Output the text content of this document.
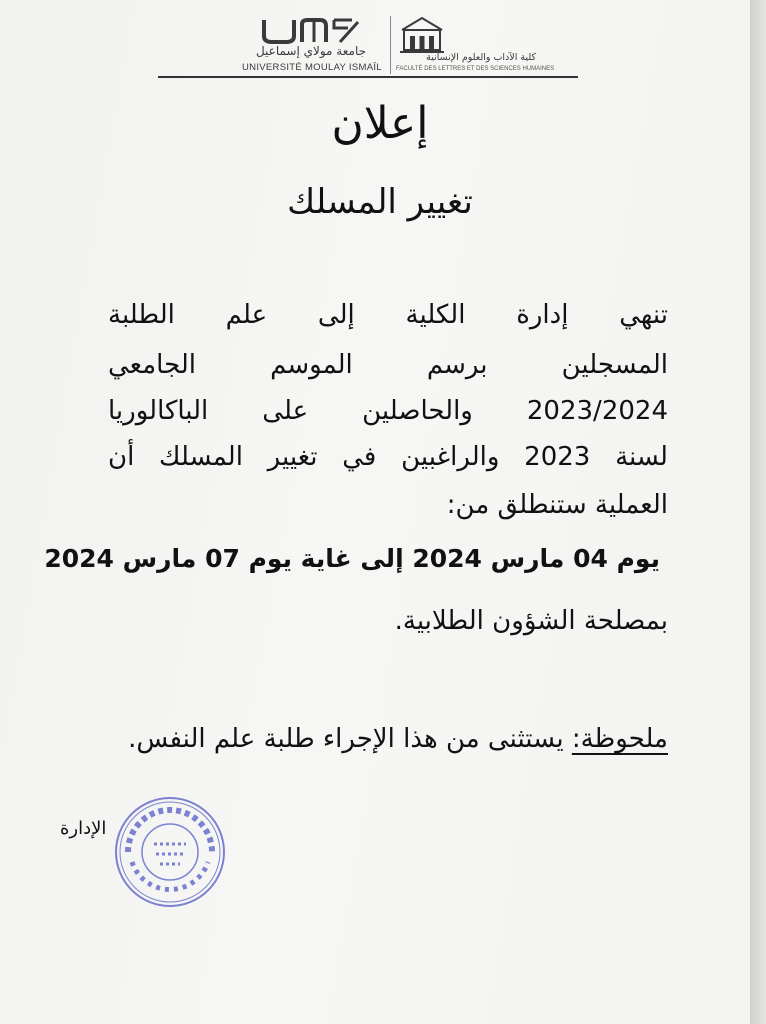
جامعة مولاي إسماعيل
UNIVERSITÉ MOULAY ISMAÏL
كلية الآداب والعلوم الإنسانية
FACULTÉ DES LETTRES ET DES SCIENCES HUMAINES
إعلان
تغيير المسلك
تنهي إدارة الكلية إلى علم الطلبة
المسجلين برسم الموسم الجامعي
2023/2024 والحاصلين على الباكالوريا
لسنة 2023 والراغبين في تغيير المسلك أن
العملية ستنطلق من:
يوم 04 مارس 2024 إلى غاية يوم 07 مارس 2024
بمصلحة الشؤون الطلابية.
ملحوظة: يستثنى من هذا الإجراء طلبة علم النفس.
الإدارة
